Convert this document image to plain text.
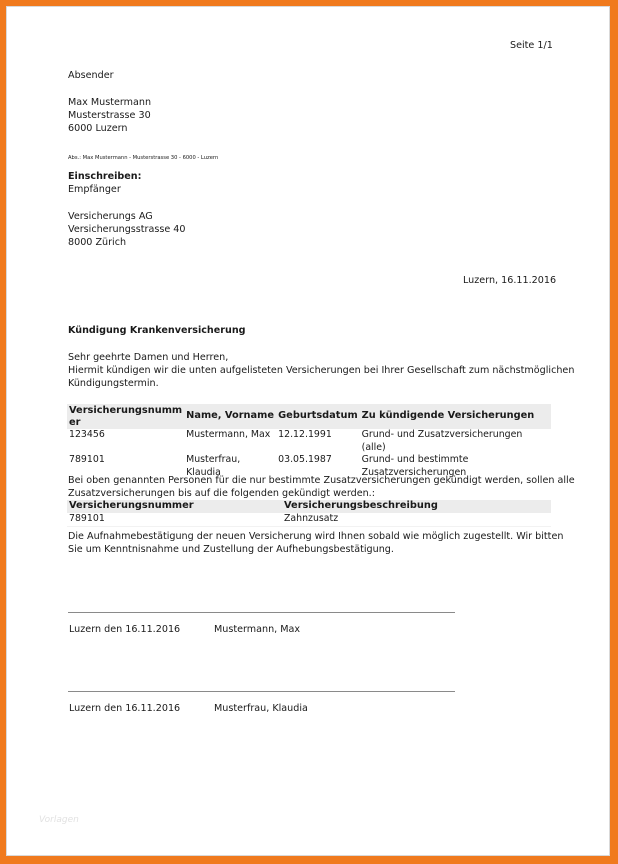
Seite 1/1
Absender
Max Mustermann
Musterstrasse 30
6000 Luzern
Abs.: Max Mustermann - Musterstrasse 30 - 6000 - Luzern
Einschreiben:
Empfänger
Versicherungs AG
Versicherungsstrasse 40
8000 Zürich
Luzern, 16.11.2016
Kündigung Krankenversicherung
Sehr geehrte Damen und Herren,
Hiermit kündigen wir die unten aufgelisteten Versicherungen bei Ihrer Gesellschaft zum nächstmöglichen
Kündigungstermin.
Versicherungsnumm er	Name, Vorname	Geburtsdatum	Zu kündigende Versicherungen
123456	Mustermann, Max	12.12.1991	Grund- und Zusatzversicherungen (alle)
789101	Musterfrau, Klaudia	03.05.1987	Grund- und bestimmte Zusatzversicherungen
Bei oben genannten Personen für die nur bestimmte Zusatzversicherungen gekündigt werden, sollen alle
Zusatzversicherungen bis auf die folgenden gekündigt werden.:
Versicherungsnummer	Versicherungsbeschreibung
789101	Zahnzusatz
Die Aufnahmebestätigung der neuen Versicherung wird Ihnen sobald wie möglich zugestellt. Wir bitten
Sie um Kenntnisnahme und Zustellung der Aufhebungsbestätigung.
Luzern den 16.11.2016	Mustermann, Max
Luzern den 16.11.2016	Musterfrau, Klaudia
Vorlagen
